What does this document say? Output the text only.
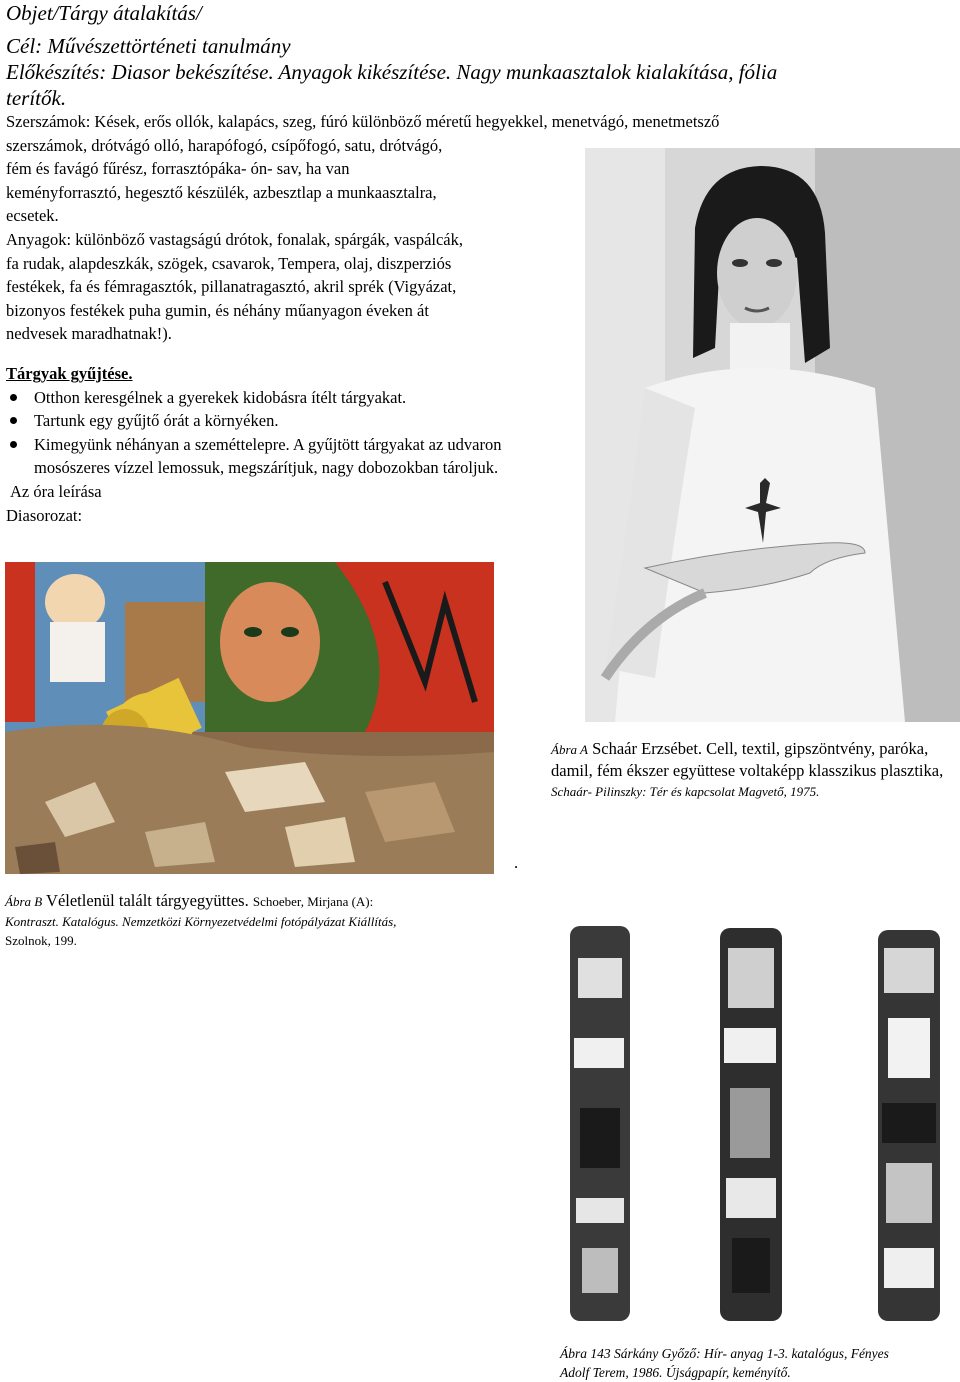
Objet/Tárgy átalakítás/
Cél: Művészettörténeti tanulmány
Előkészítés: Diasor bekészítése. Anyagok kikészítése. Nagy munkaasztalok kialakítása, fólia
terítők.
Szerszámok: Kések, erős ollók, kalapács, szeg, fúró különböző méretű hegyekkel, menetvágó, menetmetsző
szerszámok, drótvágó olló, harapófogó, csípőfogó, satu, drótvágó,
fém és favágó fűrész, forrasztópáka- ón- sav, ha van
keményforrasztó, hegesztő készülék, azbesztlap a munkaasztalra,
ecsetek.
Anyagok: különböző vastagságú drótok, fonalak, spárgák, vaspálcák,
fa rudak, alapdeszkák, szögek, csavarok, Tempera, olaj, diszperziós
festékek, fa és fémragasztók, pillanatragasztó, akril sprék (Vigyázat,
bizonyos festékek puha gumin, és néhány műanyagon éveken át
nedvesek maradhatnak!).
Tárgyak gyűjtése.
Otthon keresgélnek a gyerekek kidobásra ítélt tárgyakat.
Tartunk egy gyűjtő órát a környéken.
Kimegyünk néhányan a szeméttelepre. A gyűjtött tárgyakat az udvaron mosószeres vízzel lemossuk, megszárítjuk, nagy dobozokban tároljuk.
Az óra leírása
Diasorozat:
Ábra A Schaár Erzsébet. Cell, textil, gipszöntvény, paróka, damil, fém ékszer együttese voltaképp klasszikus plasztika,
Schaár- Pilinszky: Tér és kapcsolat Magvető, 1975.
.
Ábra B Véletlenül talált tárgyegyüttes. Schoeber, Mirjana (A):
Kontraszt. Katalógus. Nemzetközi Környezetvédelmi fotópályázat Kiállítás,
Szolnok, 199.
Ábra 143 Sárkány Győző: Hír- anyag 1-3. katalógus, Fényes
Adolf Terem, 1986. Újságpapír, keményítő.
